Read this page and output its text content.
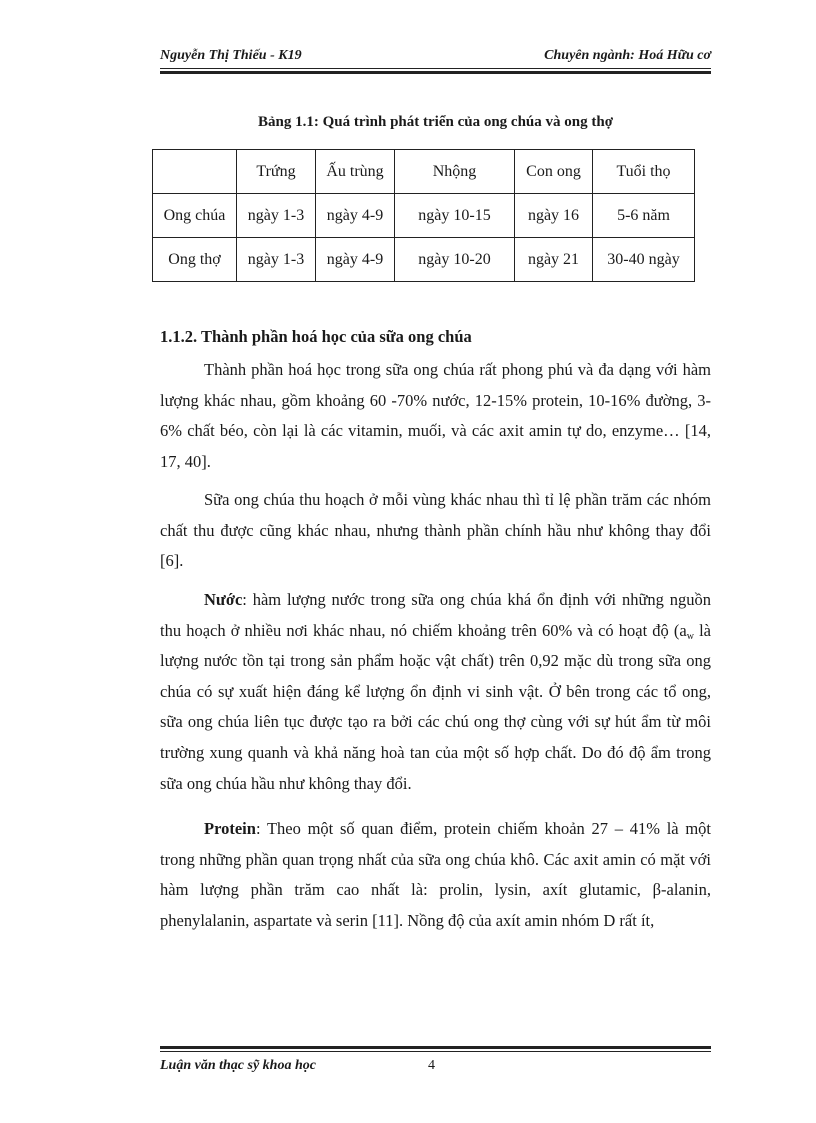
Nguyễn Thị Thiếu - K19	Chuyên ngành: Hoá Hữu cơ
Bảng 1.1: Quá trình phát triển của ong chúa và ong thợ
	Trứng	Ấu trùng	Nhộng	Con ong	Tuổi thọ
Ong chúa	ngày 1-3	ngày 4-9	ngày 10-15	ngày 16	5-6 năm
Ong thợ	ngày 1-3	ngày 4-9	ngày 10-20	ngày 21	30-40 ngày
1.1.2. Thành phần hoá học của sữa ong chúa
Thành phần hoá học trong sữa ong chúa rất phong phú và đa dạng với hàm lượng khác nhau, gồm khoảng 60 -70% nước, 12-15% protein, 10-16% đường, 3-6% chất béo, còn lại là các vitamin, muối, và các axit amin tự do, enzyme… [14, 17, 40].
Sữa ong chúa thu hoạch ở mỗi vùng khác nhau thì tỉ lệ phần trăm các nhóm chất thu được cũng khác nhau, nhưng thành phần chính hầu như không thay đổi [6].
Nước: hàm lượng nước trong sữa ong chúa khá ổn định với những nguồn thu hoạch ở nhiều nơi khác nhau, nó chiếm khoảng trên 60% và có hoạt độ ($a_w$ là lượng nước tồn tại trong sản phẩm hoặc vật chất) trên 0,92 mặc dù trong sữa ong chúa có sự xuất hiện đáng kể lượng ổn định vi sinh vật. Ở bên trong các tổ ong, sữa ong chúa liên tục được tạo ra bởi các chú ong thợ cùng với sự hút ẩm từ môi trường xung quanh và khả năng hoà tan của một số hợp chất. Do đó độ ẩm trong sữa ong chúa hầu như không thay đổi.
Protein: Theo một số quan điểm, protein chiếm khoản 27 – 41% là một trong những phần quan trọng nhất của sữa ong chúa khô. Các axit amin có mặt với hàm lượng phần trăm cao nhất là: prolin, lysin, axít glutamic, β-alanin, phenylalanin, aspartate và serin [11]. Nồng độ của axít amin nhóm D rất ít,
Luận văn thạc sỹ khoa học	4
